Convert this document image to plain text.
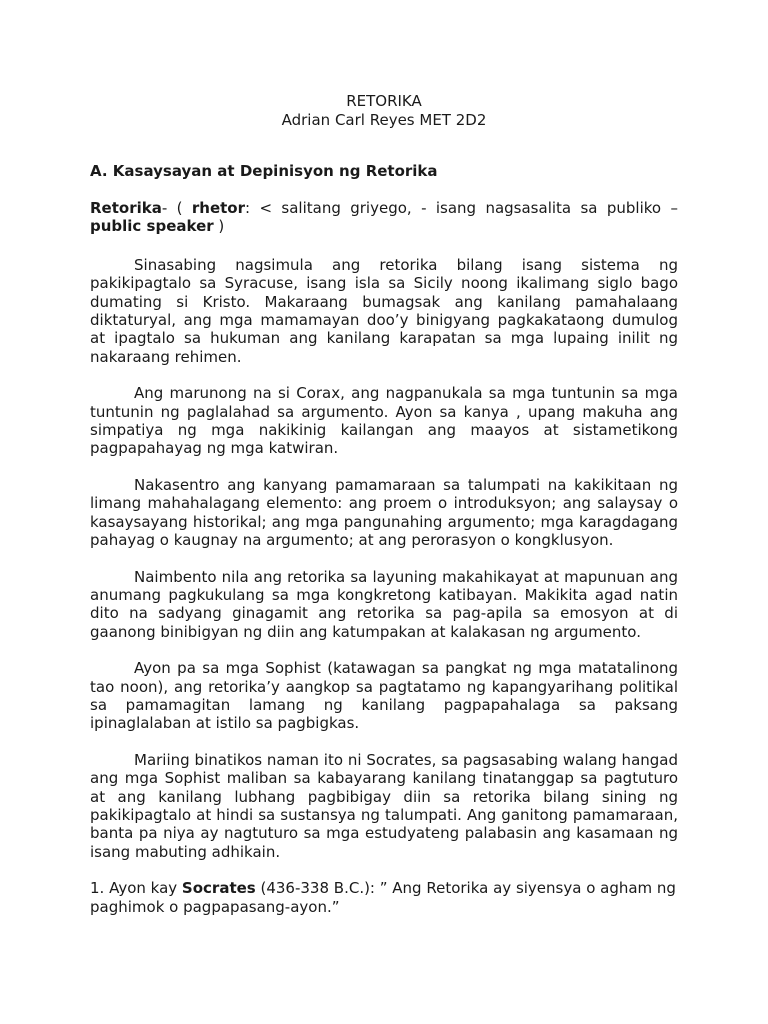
RETORIKA

Adrian Carl Reyes MET 2D2

A. Kasaysayan at Depinisyon ng Retorika

Retorika- ( rhetor: < salitang griyego, - isang nagsasalita sa publiko – public speaker )

Sinasabing nagsimula ang retorika bilang isang sistema ng pakikipagtalo sa Syracuse, isang isla sa Sicily noong ikalimang siglo bago dumating si Kristo. Makaraang bumagsak ang kanilang pamahalaang diktaturyal, ang mga mamamayan doo’y binigyang pagkakataong dumulog at ipagtalo sa hukuman ang kanilang karapatan sa mga lupaing inilit ng nakaraang rehimen.

Ang marunong na si Corax, ang nagpanukala sa mga tuntunin sa mga tuntunin ng paglalahad sa argumento. Ayon sa kanya , upang makuha ang simpatiya ng mga nakikinig kailangan ang maayos at sistametikong pagpapahayag ng mga katwiran.

Nakasentro ang kanyang pamamaraan sa talumpati na kakikitaan ng limang mahahalagang elemento: ang proem o introduksyon; ang salaysay o kasaysayang historikal; ang mga pangunahing argumento; mga karagdagang pahayag o kaugnay na argumento; at ang perorasyon o kongklusyon.

Naimbento nila ang retorika sa layuning makahikayat at mapunuan ang anumang pagkukulang sa mga kongkretong katibayan. Makikita agad natin dito na sadyang ginagamit ang retorika sa pag-apila sa emosyon at di gaanong binibigyan ng diin ang katumpakan at kalakasan ng argumento.

Ayon pa sa mga Sophist (katawagan sa pangkat ng mga matatalinong tao noon), ang retorika’y aangkop sa pagtatamo ng kapangyarihang politikal sa pamamagitan lamang ng kanilang pagpapahalaga sa paksang ipinaglalaban at istilo sa pagbigkas.

Mariing binatikos naman ito ni Socrates, sa pagsasabing walang hangad ang mga Sophist maliban sa kabayarang kanilang tinatanggap sa pagtuturo at ang kanilang lubhang pagbibigay diin sa retorika bilang sining ng pakikipagtalo at hindi sa sustansya ng talumpati. Ang ganitong pamamaraan, banta pa niya ay nagtuturo sa mga estudyateng palabasin ang kasamaan ng isang mabuting adhikain.

1. Ayon kay Socrates (436-338 B.C.): ” Ang Retorika ay siyensya o agham ng paghimok o pagpapasang-ayon.”
